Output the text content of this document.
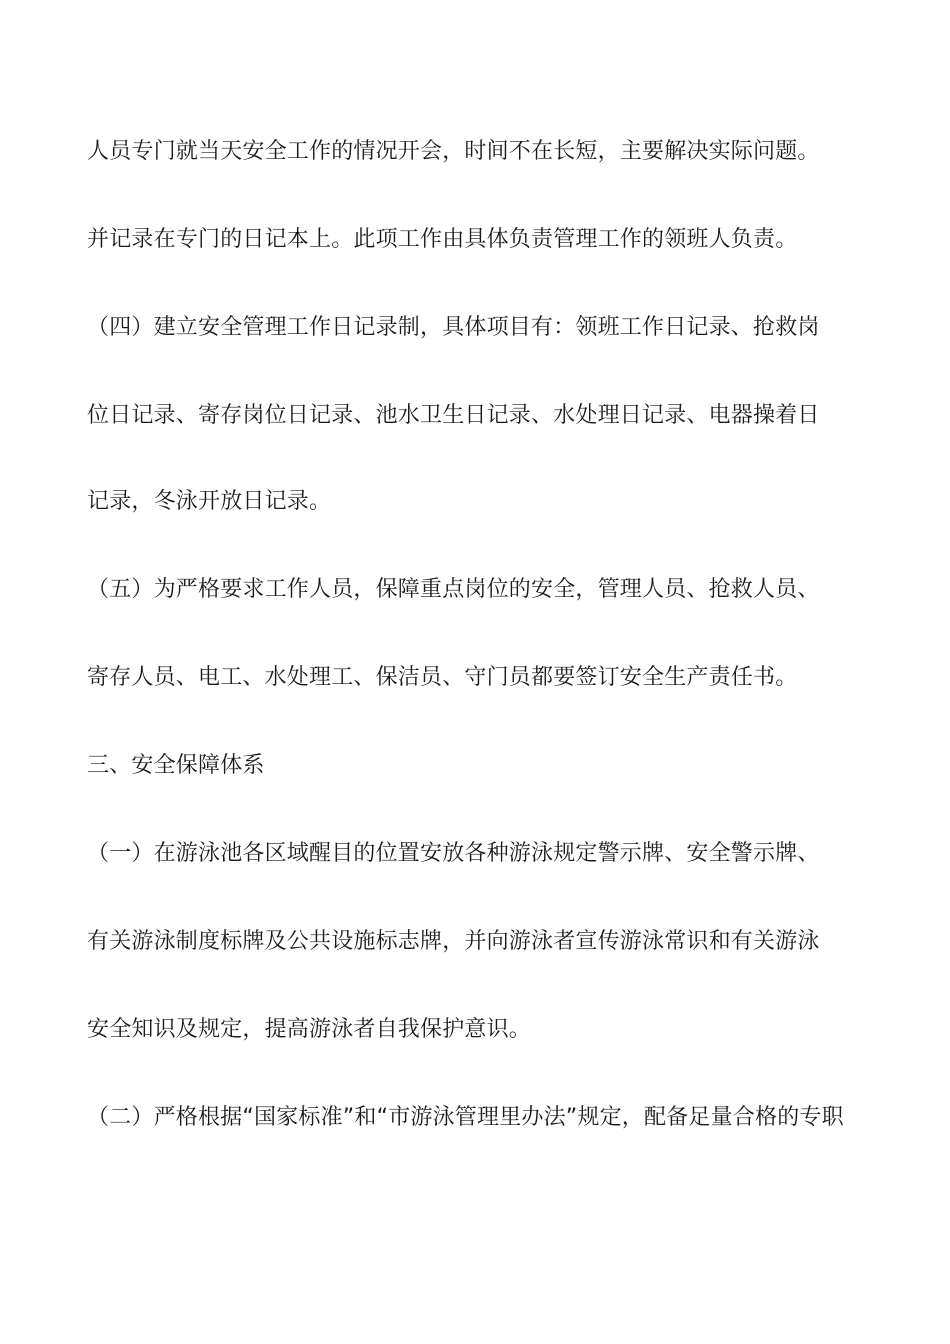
人员专门就当天安全工作的情况开会，时间不在长短，主要解决实际问题。
并记录在专门的日记本上。此项工作由具体负责管理工作的领班人负责。
（四）建立安全管理工作日记录制，具体项目有：领班工作日记录、抢救岗
位日记录、寄存岗位日记录、池水卫生日记录、水处理日记录、电器操着日
记录，冬泳开放日记录。
（五）为严格要求工作人员，保障重点岗位的安全，管理人员、抢救人员、
寄存人员、电工、水处理工、保洁员、守门员都要签订安全生产责任书。
三、安全保障体系
（一）在游泳池各区域醒目的位置安放各种游泳规定警示牌、安全警示牌、
有关游泳制度标牌及公共设施标志牌，并向游泳者宣传游泳常识和有关游泳
安全知识及规定，提高游泳者自我保护意识。
（二）严格根据“国家标准”和“市游泳管理里办法”规定，配备足量合格的专职
